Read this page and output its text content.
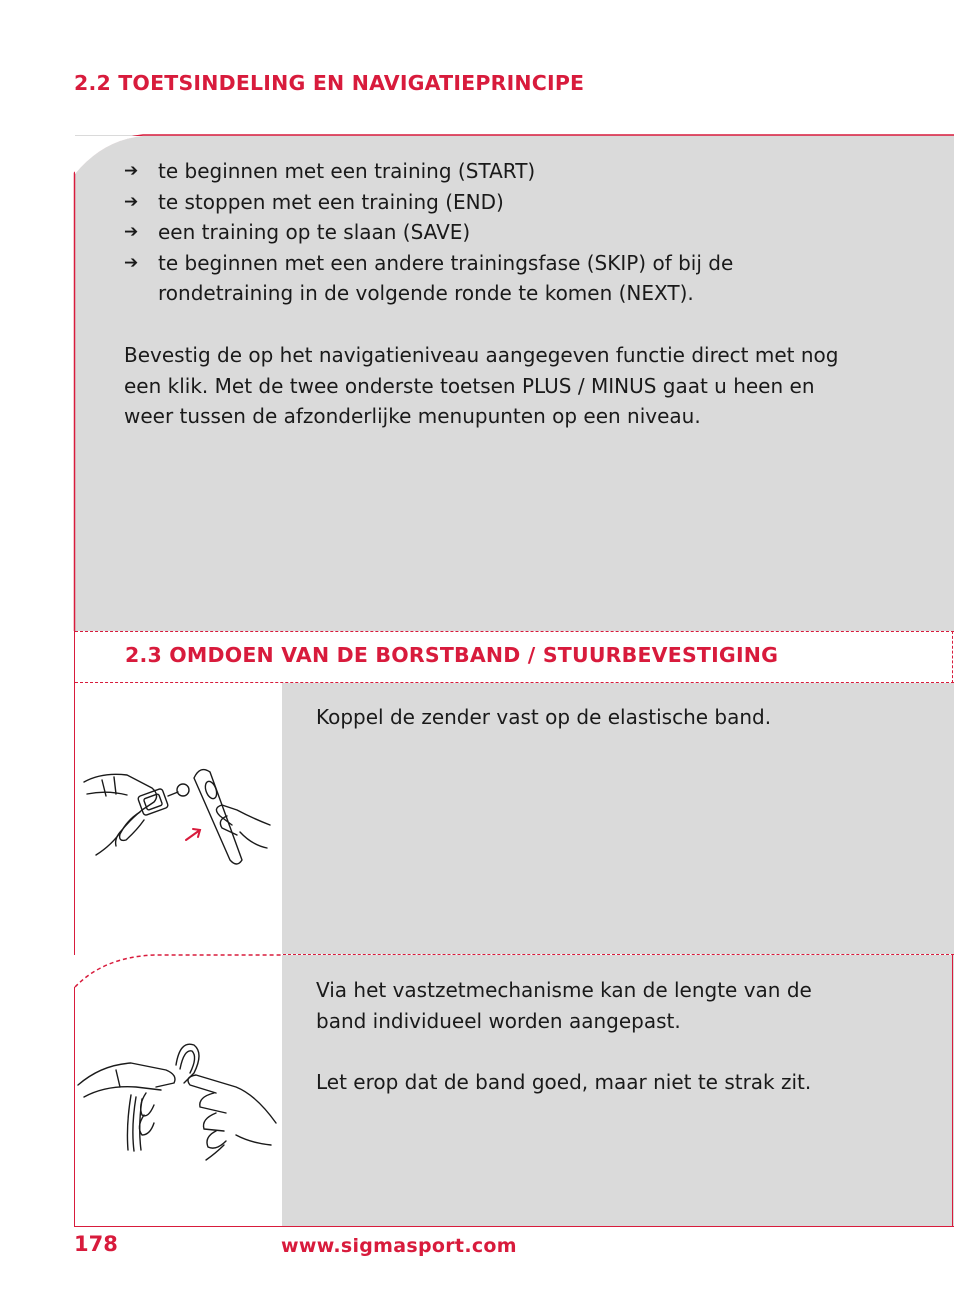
2.2 TOETSINDELING EN NAVIGATIEPRINCIPE
➔ te beginnen met een training (START)
➔ te stoppen met een training (END)
➔ een training op te slaan (SAVE)
➔ te beginnen met een andere trainingsfase (SKIP) of bij de rondetraining in de volgende ronde te komen (NEXT).
Bevestig de op het navigatieniveau aangegeven functie direct met nog een klik. Met de twee onderste toetsen PLUS / MINUS gaat u heen en weer tussen de afzonderlijke menupunten op een niveau.
2.3 OMDOEN VAN DE BORSTBAND / STUURBEVESTIGING
Koppel de zender vast op de elastische band.
Via het vastzetmechanisme kan de lengte van de band individueel worden aangepast.
Let erop dat de band goed, maar niet te strak zit.
178	www.sigmasport.com
